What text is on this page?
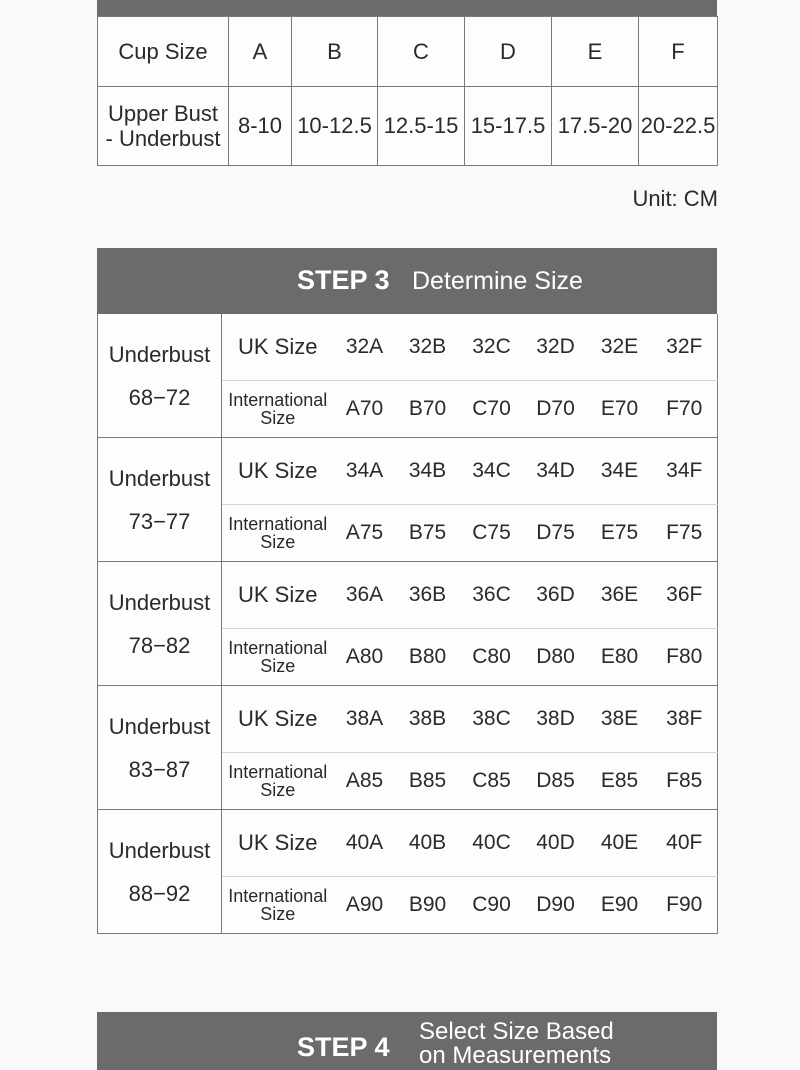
Cup Size	A	B	C	D	E	F
Upper Bust
- Underbust	8-10	10-12.5	12.5-15	15-17.5	17.5-20	20-22.5
Unit: CM
STEP 3 Determine Size
Underbust
68−72	UK Size	32A	32B	32C	32D	32E	32F
	International Size	A70	B70	C70	D70	E70	F70
Underbust
73−77	UK Size	34A	34B	34C	34D	34E	34F
	International Size	A75	B75	C75	D75	E75	F75
Underbust
78−82	UK Size	36A	36B	36C	36D	36E	36F
	International Size	A80	B80	C80	D80	E80	F80
Underbust
83−87	UK Size	38A	38B	38C	38D	38E	38F
	International Size	A85	B85	C85	D85	E85	F85
Underbust
88−92	UK Size	40A	40B	40C	40D	40E	40F
	International Size	A90	B90	C90	D90	E90	F90
STEP 4
Select Size Based
on Measurements
